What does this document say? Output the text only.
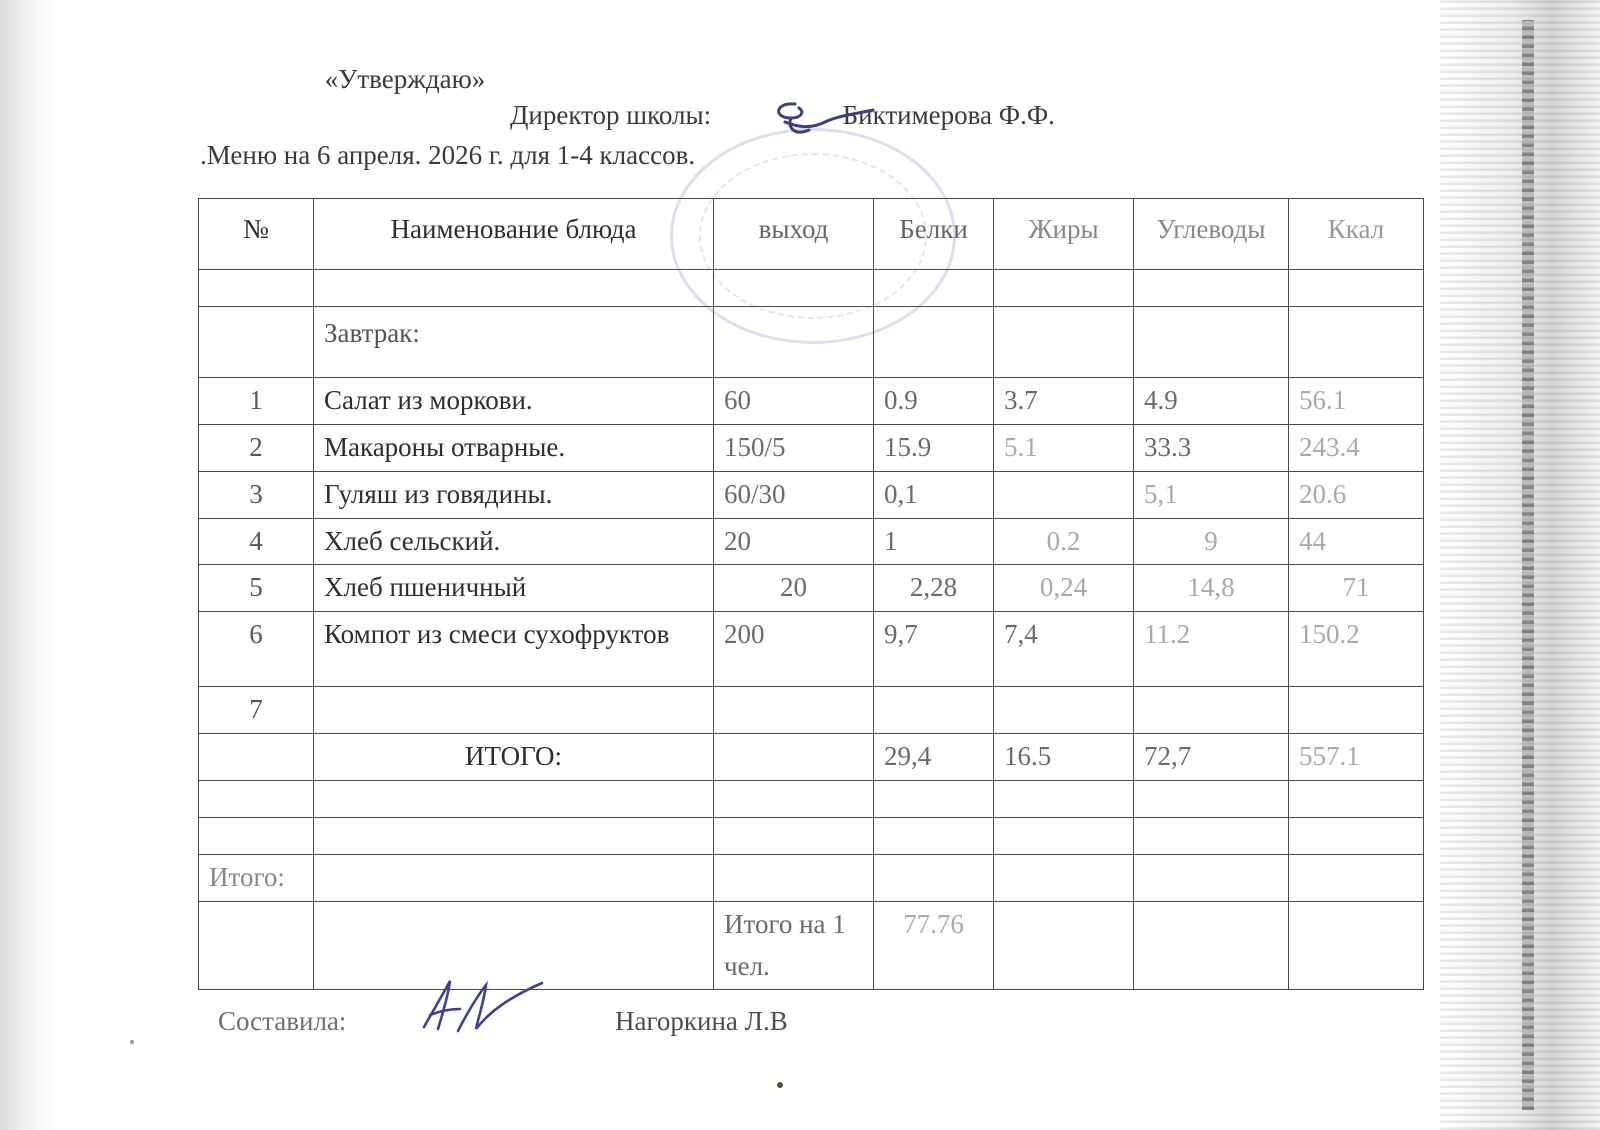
«Утверждаю»
Директор школы:	Биктимерова Ф.Ф.
.Меню на 6 апреля. 2026 г. для 1-4 классов.
№	Наименование блюда	выход	Белки	Жиры	Углеводы	Ккал

	Завтрак:					
1	Салат из моркови.	60	0.9	3.7	4.9	56.1
2	Макароны отварные.	150/5	15.9	5.1	33.3	243.4
3	Гуляш из говядины.	60/30	0,1		5,1	20.6
4	Хлеб сельский.	20	1	0.2	9	44
5	Хлеб пшеничный	20	2,28	0,24	14,8	71
6	Компот из смеси сухофруктов	200	9,7	7,4	11.2	150.2
7						
	ИТОГО:		29,4	16.5	72,7	557.1

Итого:						
		Итого на 1 чел.	77.76			
Составила:	Нагоркина Л.В
